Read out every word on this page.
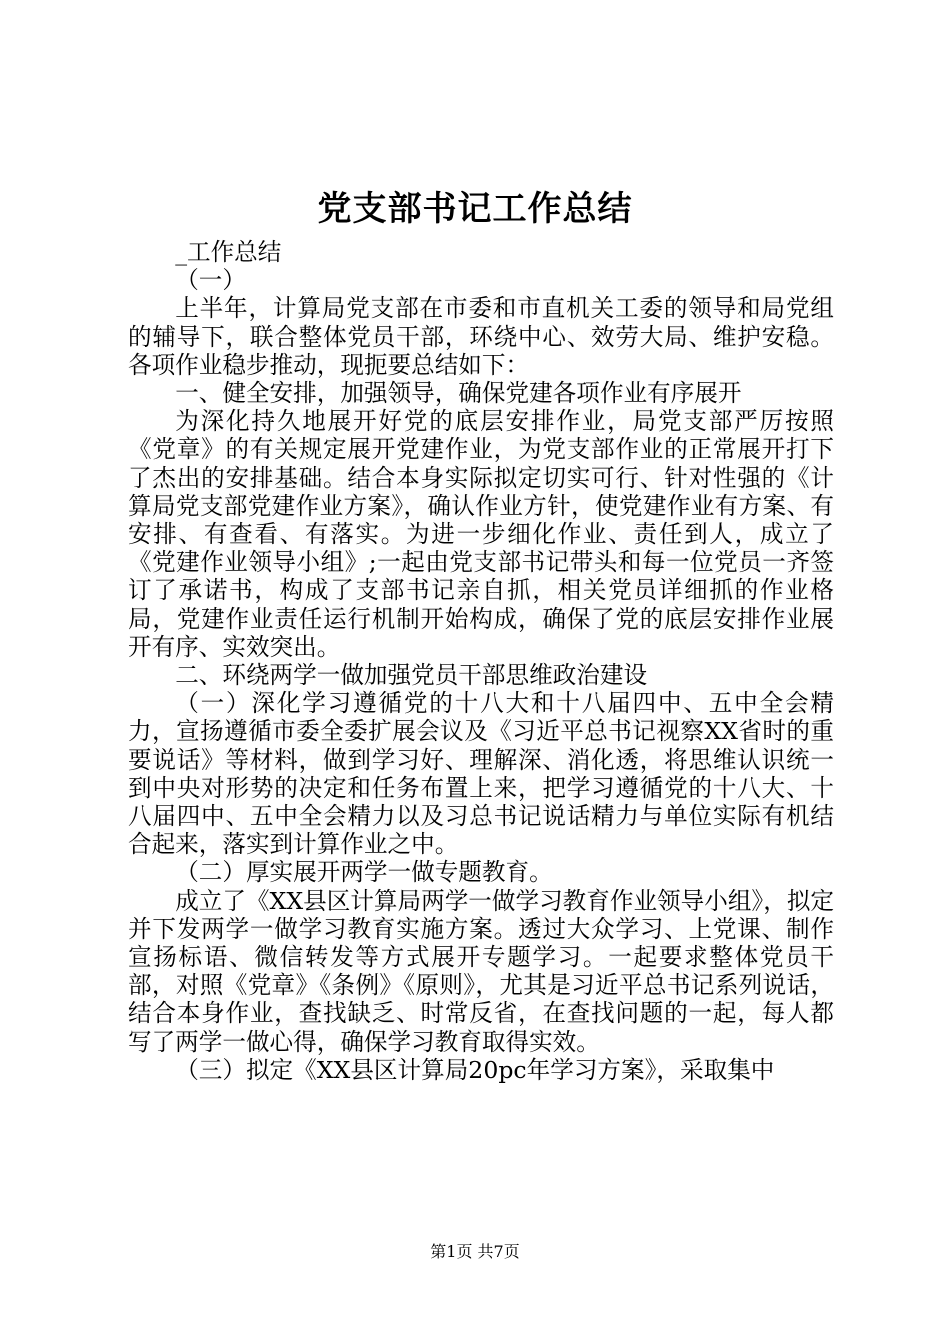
党支部书记工作总结

_工作总结

（一）

上半年，计算局党支部在市委和市直机关工委的领导和局党组的辅导下，联合整体党员干部，环绕中心、效劳大局、维护安稳。各项作业稳步推动，现扼要总结如下：

一、健全安排，加强领导，确保党建各项作业有序展开

为深化持久地展开好党的底层安排作业，局党支部严厉按照《党章》的有关规定展开党建作业，为党支部作业的正常展开打下了杰出的安排基础。结合本身实际拟定切实可行、针对性强的《计算局党支部党建作业方案》，确认作业方针，使党建作业有方案、有安排、有查看、有落实。为进一步细化作业、责任到人，成立了《党建作业领导小组》;一起由党支部书记带头和每一位党员一齐签订了承诺书，构成了支部书记亲自抓，相关党员详细抓的作业格局，党建作业责任运行机制开始构成，确保了党的底层安排作业展开有序、实效突出。

二、环绕两学一做加强党员干部思维政治建设

（一）深化学习遵循党的十八大和十八届四中、五中全会精力，宣扬遵循市委全委扩展会议及《习近平总书记视察XX省时的重要说话》等材料，做到学习好、理解深、消化透，将思维认识统一到中央对形势的决定和任务布置上来，把学习遵循党的十八大、十八届四中、五中全会精力以及习总书记说话精力与单位实际有机结合起来，落实到计算作业之中。

（二）厚实展开两学一做专题教育。

成立了《XX县区计算局两学一做学习教育作业领导小组》，拟定并下发两学一做学习教育实施方案。透过大众学习、上党课、制作宣扬标语、微信转发等方式展开专题学习。一起要求整体党员干部，对照《党章》《条例》《原则》，尤其是习近平总书记系列说话，结合本身作业，查找缺乏、时常反省，在查找问题的一起，每人都写了两学一做心得，确保学习教育取得实效。

（三）拟定《XX县区计算局20pc年学习方案》，采取集中

第1页 共7页
